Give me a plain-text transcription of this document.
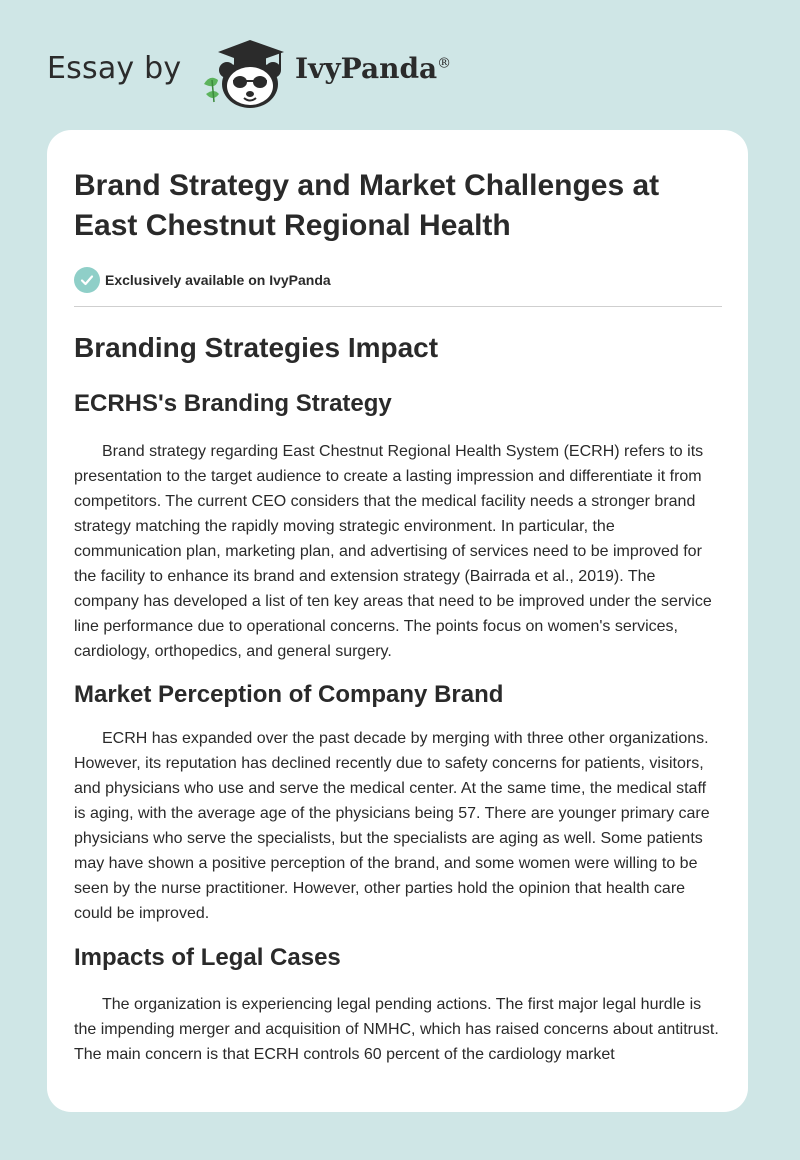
Essay by	IvyPanda®
Brand Strategy and Market Challenges at East Chestnut Regional Health
Exclusively available on IvyPanda
Branding Strategies Impact
ECRHS's Branding Strategy

Brand strategy regarding East Chestnut Regional Health System (ECRH) refers to its presentation to the target audience to create a lasting impression and differentiate it from competitors. The current CEO considers that the medical facility needs a stronger brand strategy matching the rapidly moving strategic environment. In particular, the communication plan, marketing plan, and advertising of services need to be improved for the facility to enhance its brand and extension strategy (Bairrada et al., 2019). The company has developed a list of ten key areas that need to be improved under the service line performance due to operational concerns. The points focus on women's services, cardiology, orthopedics, and general surgery.

Market Perception of Company Brand

ECRH has expanded over the past decade by merging with three other organizations. However, its reputation has declined recently due to safety concerns for patients, visitors, and physicians who use and serve the medical center. At the same time, the medical staff is aging, with the average age of the physicians being 57. There are younger primary care physicians who serve the specialists, but the specialists are aging as well. Some patients may have shown a positive perception of the brand, and some women were willing to be seen by the nurse practitioner. However, other parties hold the opinion that health care could be improved.

Impacts of Legal Cases

The organization is experiencing legal pending actions. The first major legal hurdle is the impending merger and acquisition of NMHC, which has raised concerns about antitrust. The main concern is that ECRH controls 60 percent of the cardiology market
